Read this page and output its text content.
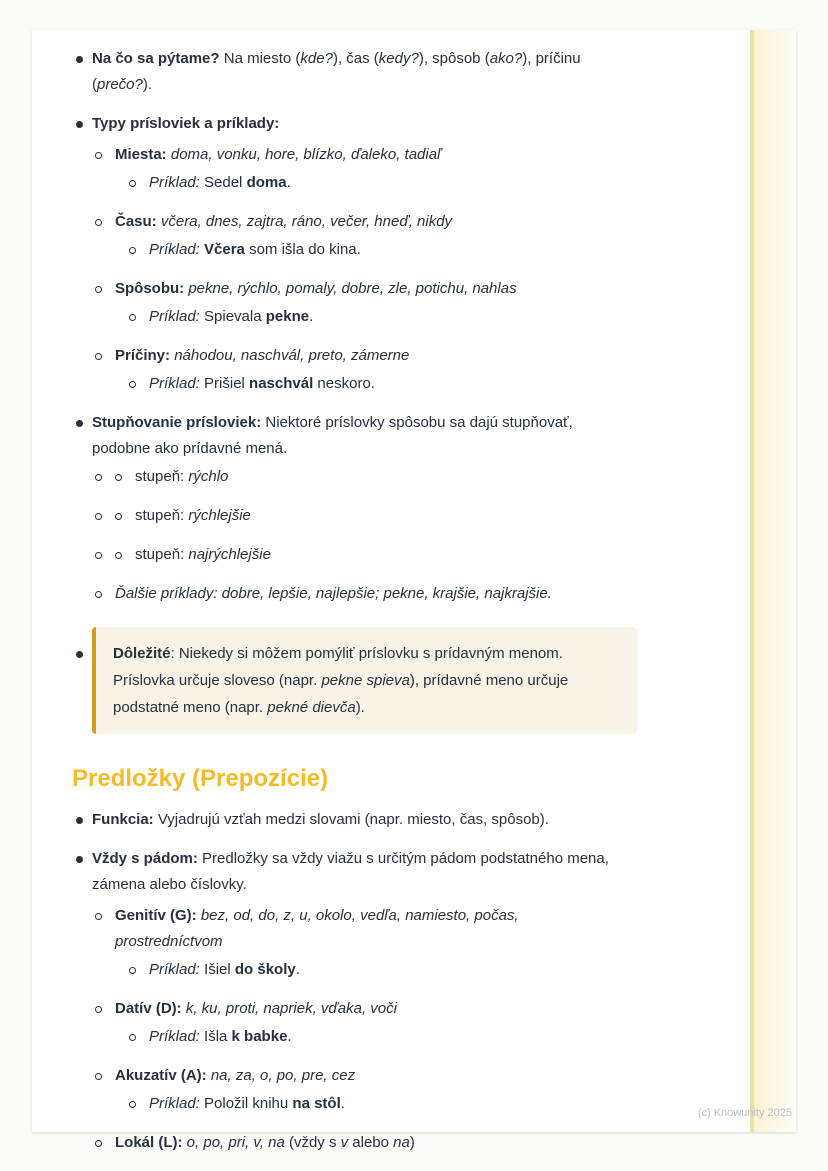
Na čo sa pýtame? Na miesto (kde?), čas (kedy?), spôsob (ako?), príčinu (prečo?).
Typy prísloviek a príklady:
Miesta: doma, vonku, hore, blízko, ďaleko, tadiaľ
Príklad: Sedel doma.
Času: včera, dnes, zajtra, ráno, večer, hneď, nikdy
Príklad: Včera som išla do kina.
Spôsobu: pekne, rýchlo, pomaly, dobre, zle, potichu, nahlas
Príklad: Spievala pekne.
Príčiny: náhodou, naschvál, preto, zámerne
Príklad: Prišiel naschvál neskoro.
Stupňovanie prísloviek: Niektoré príslovky spôsobu sa dajú stupňovať, podobne ako prídavné mená.
stupeň: rýchlo
stupeň: rýchlejšie
stupeň: najrýchlejšie
Ďalšie príklady: dobre, lepšie, najlepšie; pekne, krajšie, najkrajšie.
Dôležité: Niekedy si môžem pomýliť príslovku s prídavným menom. Príslovka určuje sloveso (napr. pekne spieva), prídavné meno určuje podstatné meno (napr. pekné dievča).
Predložky (Prepozície)
Funkcia: Vyjadrujú vzťah medzi slovami (napr. miesto, čas, spôsob).
Vždy s pádom: Predložky sa vždy viažu s určitým pádom podstatného mena, zámena alebo číslovky.
Genitív (G): bez, od, do, z, u, okolo, vedľa, namiesto, počas, prostredníctvom
Príklad: Išiel do školy.
Datív (D): k, ku, proti, napriek, vďaka, voči
Príklad: Išla k babke.
Akuzatív (A): na, za, o, po, pre, cez
Príklad: Položil knihu na stôl.
Lokál (L): o, po, pri, v, na (vždy s v alebo na)
(c) Knowunity 2025
